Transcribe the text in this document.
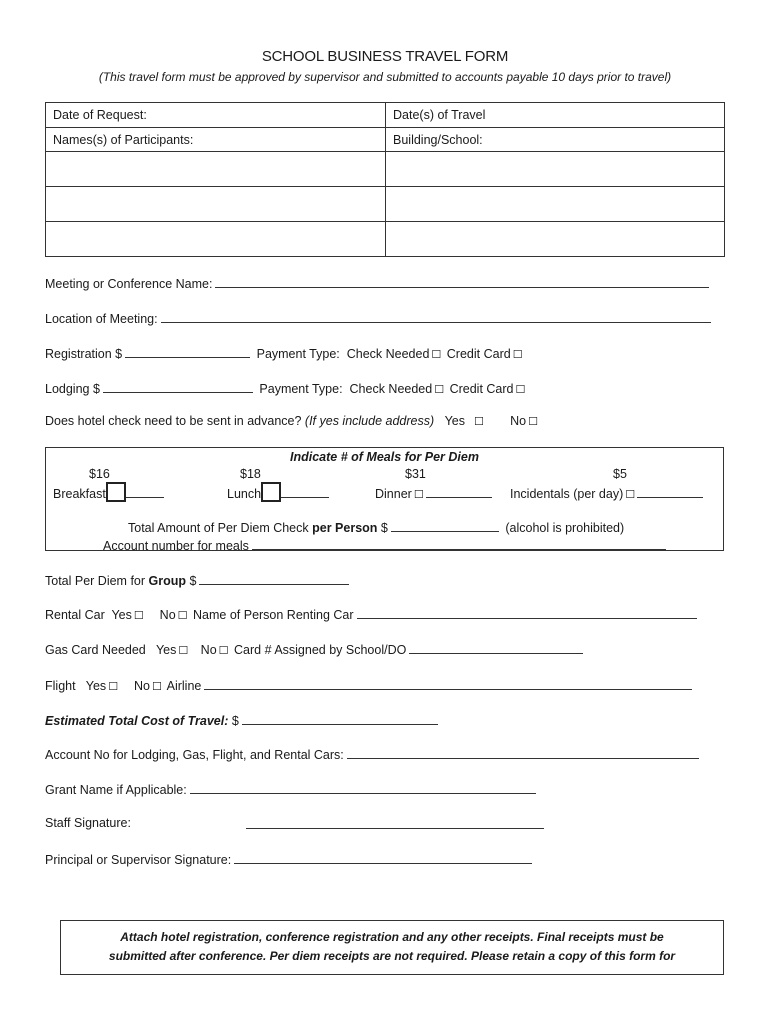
SCHOOL BUSINESS TRAVEL FORM
(This travel form must be approved by supervisor and submitted to accounts payable 10 days prior to travel)
Date of Request:	Date(s) of Travel
Names(s) of Participants:	Building/School:

Meeting or Conference Name:
Location of Meeting:
Registration $	Payment Type: Check Needed ☐ Credit Card ☐
Lodging $	Payment Type: Check Needed ☐ Credit Card ☐
Does hotel check need to be sent in advance? (If yes include address) Yes ☐ No ☐
Indicate # of Meals for Per Diem
$16	$18	$31	$5
Breakfast	Lunch	Dinner ☐	Incidentals (per day) ☐
Total Amount of Per Diem Check per Person $	(alcohol is prohibited)
Account number for meals
Total Per Diem for Group $
Rental Car Yes ☐ No ☐ Name of Person Renting Car
Gas Card Needed Yes ☐ No ☐ Card # Assigned by School/DO
Flight Yes ☐ No ☐ Airline
Estimated Total Cost of Travel: $
Account No for Lodging, Gas, Flight, and Rental Cars:
Grant Name if Applicable:
Staff Signature:
Principal or Supervisor Signature:
Attach hotel registration, conference registration and any other receipts. Final receipts must be
submitted after conference. Per diem receipts are not required. Please retain a copy of this form for
